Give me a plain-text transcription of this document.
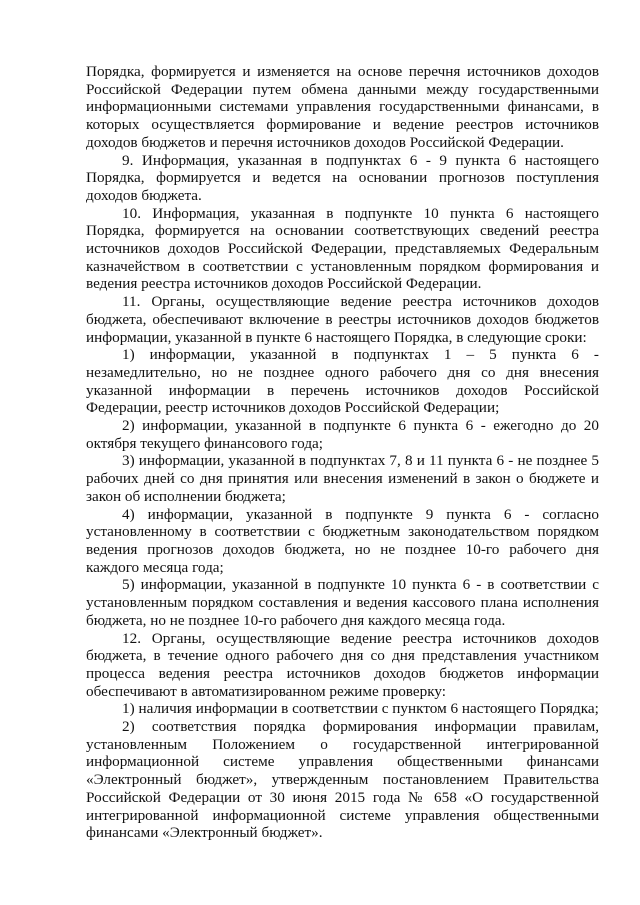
Порядка, формируется и изменяется на основе перечня источников доходов Российской Федерации путем обмена данными между государственными информационными системами управления государственными финансами, в которых осуществляется формирование и ведение реестров источников доходов бюджетов и перечня источников доходов Российской Федерации.

9. Информация, указанная в подпунктах 6 - 9 пункта 6 настоящего Порядка, формируется и ведется на основании прогнозов поступления доходов бюджета.

10. Информация, указанная в подпункте 10 пункта 6 настоящего Порядка, формируется на основании соответствующих сведений реестра источников доходов Российской Федерации, представляемых Федеральным казначейством в соответствии с установленным порядком формирования и ведения реестра источников доходов Российской Федерации.

11. Органы, осуществляющие ведение реестра источников доходов бюджета, обеспечивают включение в реестры источников доходов бюджетов информации, указанной в пункте 6 настоящего Порядка, в следующие сроки:

1) информации, указанной в подпунктах 1 – 5 пункта 6 - незамедлительно, но не позднее одного рабочего дня со дня внесения указанной информации в перечень источников доходов Российской Федерации, реестр источников доходов Российской Федерации;

2) информации, указанной в подпункте 6 пункта 6 - ежегодно до 20 октября текущего финансового года;

3) информации, указанной в подпунктах 7, 8 и 11 пункта 6 - не позднее 5 рабочих дней со дня принятия или внесения изменений в закон о бюджете и закон об исполнении бюджета;

4) информации, указанной в подпункте 9 пункта 6 - согласно установленному в соответствии с бюджетным законодательством порядком ведения прогнозов доходов бюджета, но не позднее 10-го рабочего дня каждого месяца года;

5) информации, указанной в подпункте 10 пункта 6 - в соответствии с установленным порядком составления и ведения кассового плана исполнения бюджета, но не позднее 10-го рабочего дня каждого месяца года.

12. Органы, осуществляющие ведение реестра источников доходов бюджета, в течение одного рабочего дня со дня представления участником процесса ведения реестра источников доходов бюджетов информации обеспечивают в автоматизированном режиме проверку:

1) наличия информации в соответствии с пунктом 6 настоящего Порядка;

2) соответствия порядка формирования информации правилам, установленным Положением о государственной интегрированной информационной системе управления общественными финансами «Электронный бюджет», утвержденным постановлением Правительства Российской Федерации от 30 июня 2015 года № 658 «О государственной интегрированной информационной системе управления общественными финансами «Электронный бюджет».
